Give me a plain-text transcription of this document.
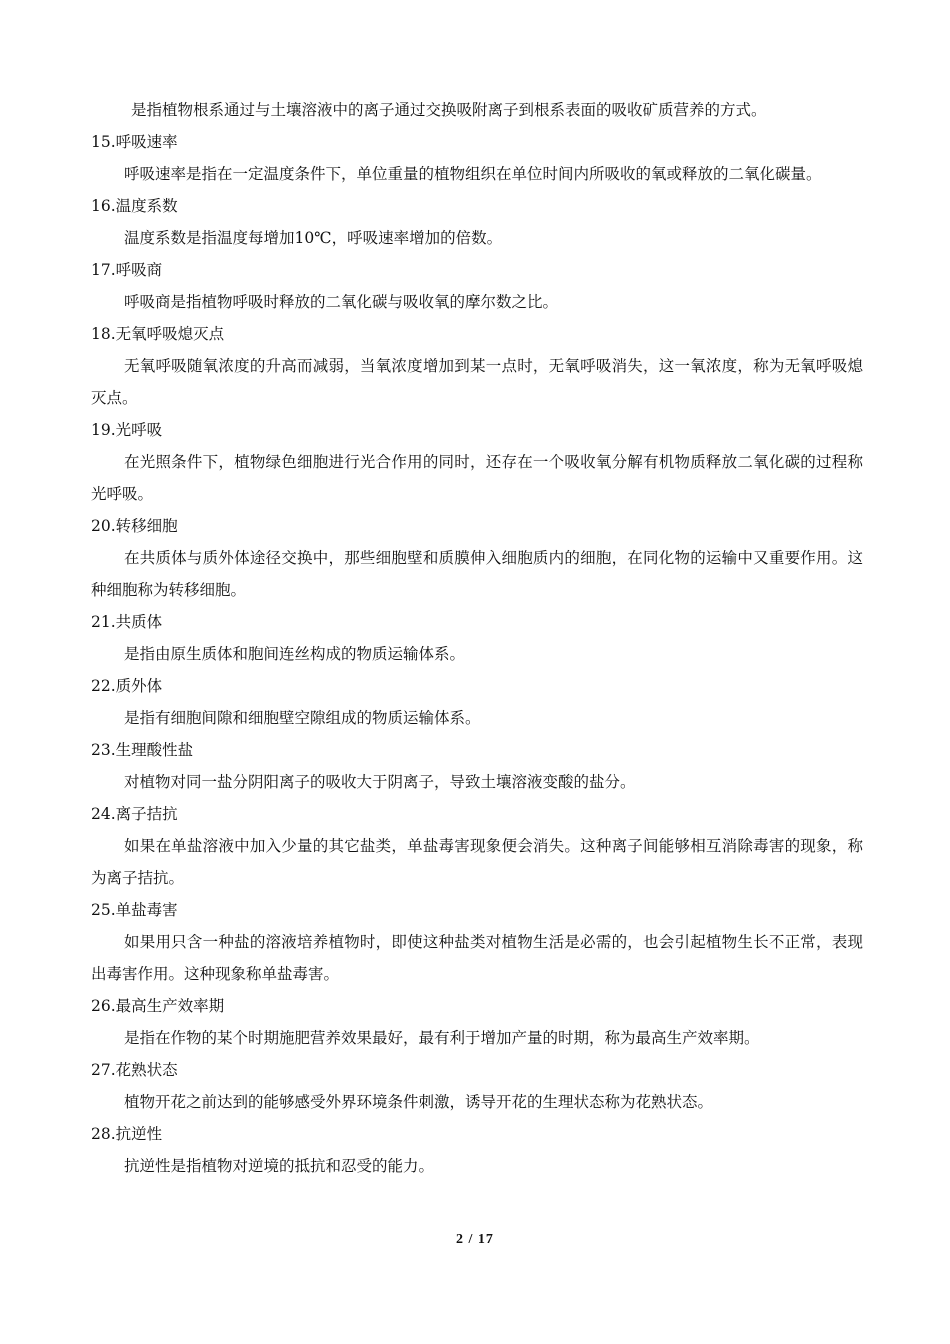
是指植物根系通过与土壤溶液中的离子通过交换吸附离子到根系表面的吸收矿质营养的方式。

15.呼吸速率

呼吸速率是指在一定温度条件下，单位重量的植物组织在单位时间内所吸收的氧或释放的二氧化碳量。

16.温度系数

温度系数是指温度每增加10℃，呼吸速率增加的倍数。

17.呼吸商

呼吸商是指植物呼吸时释放的二氧化碳与吸收氧的摩尔数之比。

18.无氧呼吸熄灭点

无氧呼吸随氧浓度的升高而减弱，当氧浓度增加到某一点时，无氧呼吸消失，这一氧浓度，称为无氧呼吸熄灭点。

19.光呼吸

在光照条件下，植物绿色细胞进行光合作用的同时，还存在一个吸收氧分解有机物质释放二氧化碳的过程称光呼吸。

20.转移细胞

在共质体与质外体途径交换中，那些细胞壁和质膜伸入细胞质内的细胞，在同化物的运输中又重要作用。这种细胞称为转移细胞。

21.共质体

是指由原生质体和胞间连丝构成的物质运输体系。

22.质外体

是指有细胞间隙和细胞壁空隙组成的物质运输体系。

23.生理酸性盐

对植物对同一盐分阴阳离子的吸收大于阴离子，导致土壤溶液变酸的盐分。

24.离子拮抗

如果在单盐溶液中加入少量的其它盐类，单盐毒害现象便会消失。这种离子间能够相互消除毒害的现象，称为离子拮抗。

25.单盐毒害

如果用只含一种盐的溶液培养植物时，即使这种盐类对植物生活是必需的，也会引起植物生长不正常，表现出毒害作用。这种现象称单盐毒害。

26.最高生产效率期

是指在作物的某个时期施肥营养效果最好，最有利于增加产量的时期，称为最高生产效率期。

27.花熟状态

植物开花之前达到的能够感受外界环境条件刺激，诱导开花的生理状态称为花熟状态。

28.抗逆性

抗逆性是指植物对逆境的抵抗和忍受的能力。

2 / 17
